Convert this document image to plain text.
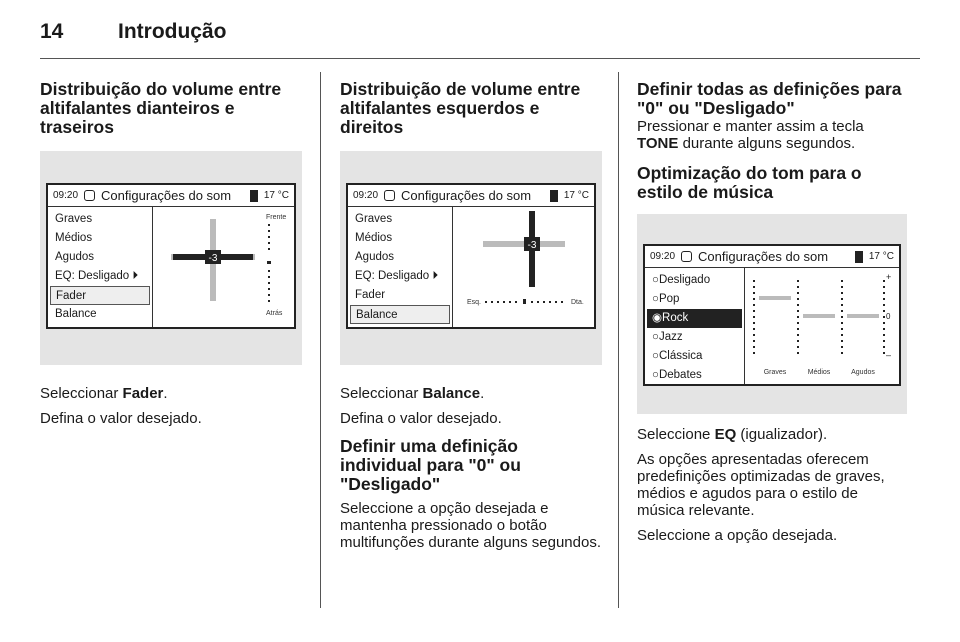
14	Introdução
Distribuição do volume entre altifalantes dianteiros e traseiros
09:20 Configurações do som	17 °C
Graves
Médios
Agudos
EQ: Desligado ⏵
Fader
Balance
-3
Frente
Atrás

Seleccionar Fader.

Defina o valor desejado.

Distribuição de volume entre altifalantes esquerdos e direitos
09:20 Configurações do som	17 °C
Graves
Médios
Agudos
EQ: Desligado ⏵
Fader
Balance
-3
Esq.	Dta.

Seleccionar Balance.

Defina o valor desejado.

Definir uma definição individual para "0" ou "Desligado"

Seleccione a opção desejada e mantenha pressionado o botão multifunções durante alguns segundos.

Definir todas as definições para "0" ou "Desligado"

Pressionar e manter assim a tecla TONE durante alguns segundos.

Optimização do tom para o estilo de música
09:20 Configurações do som	17 °C
○Desligado
○Pop
◉Rock
○Jazz
○Clássica
○Debates
+
0
–
Graves	Médios	Agudos

Seleccione EQ (igualizador).

As opções apresentadas oferecem predefinições optimizadas de graves, médios e agudos para o estilo de música relevante.

Seleccione a opção desejada.
